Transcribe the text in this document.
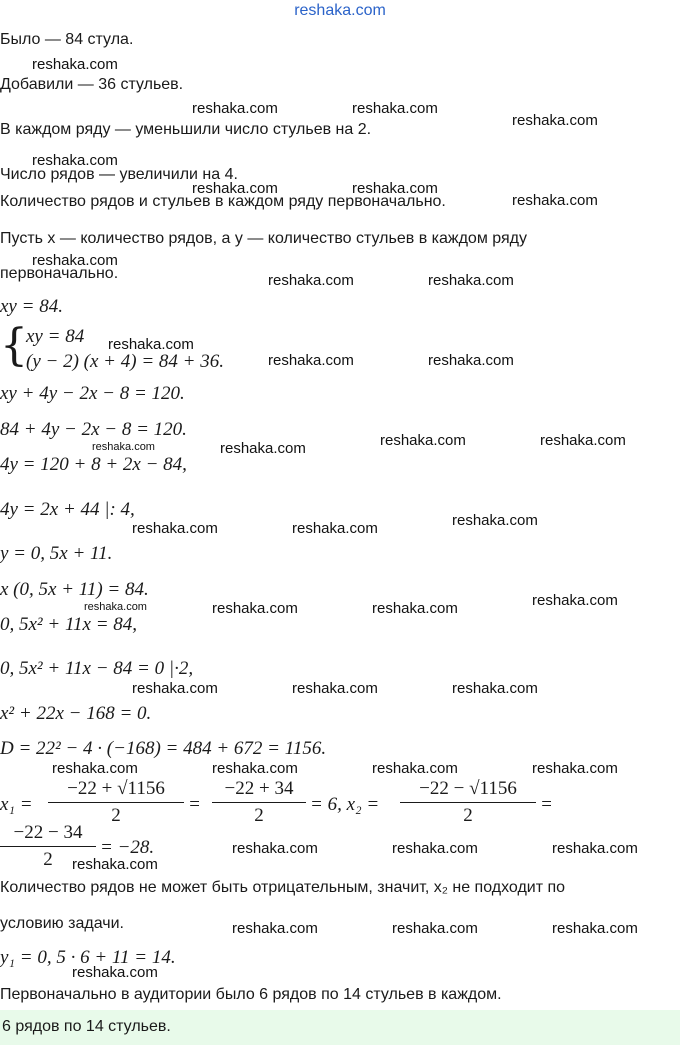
reshaka.com
Было — 84 стула.
Добавили — 36 стульев.
В каждом ряду — уменьшили число стульев на 2.
Число рядов — увеличили на 4.
Количество рядов и стульев в каждом ряду первоначально.
Пусть x — количество рядов, а y — количество стульев в каждом ряду
первоначально.
xy = 84.
{
xy = 84
(y − 2) (x + 4) = 84 + 36.
xy + 4y − 2x − 8 = 120.
84 + 4y − 2x − 8 = 120.
4y = 120 + 8 + 2x − 84,
4y = 2x + 44 |: 4,
y = 0, 5x + 11.
x (0, 5x + 11) = 84.
0, 5x² + 11x = 84,
0, 5x² + 11x − 84 = 0 |·2,
x² + 22x − 168 = 0.
D = 22² − 4 · (−168) = 484 + 672 = 1156.
x₁ =
−22 + √1156
2
=
−22 + 34
2
= 6, x₂ =
−22 − √1156
2
=
−22 − 34
2
= −28.
Количество рядов не может быть отрицательным, значит, x₂ не подходит по
условию задачи.
y₁ = 0, 5 · 6 + 11 = 14.
Первоначально в аудитории было 6 рядов по 14 стульев в каждом.
6 рядов по 14 стульев.
reshaka.com
reshaka.com	reshaka.com
reshaka.com
reshaka.com
reshaka.com	reshaka.com
reshaka.com
reshaka.com
reshaka.com	reshaka.com
reshaka.com
reshaka.com	reshaka.com
reshaka.com	reshaka.com	reshaka.com	reshaka.com
reshaka.com	reshaka.com	reshaka.com
reshaka.com	reshaka.com	reshaka.com	reshaka.com
reshaka.com	reshaka.com	reshaka.com
reshaka.com	reshaka.com	reshaka.com	reshaka.com
reshaka.com
reshaka.com	reshaka.com	reshaka.com
reshaka.com	reshaka.com	reshaka.com
reshaka.com
